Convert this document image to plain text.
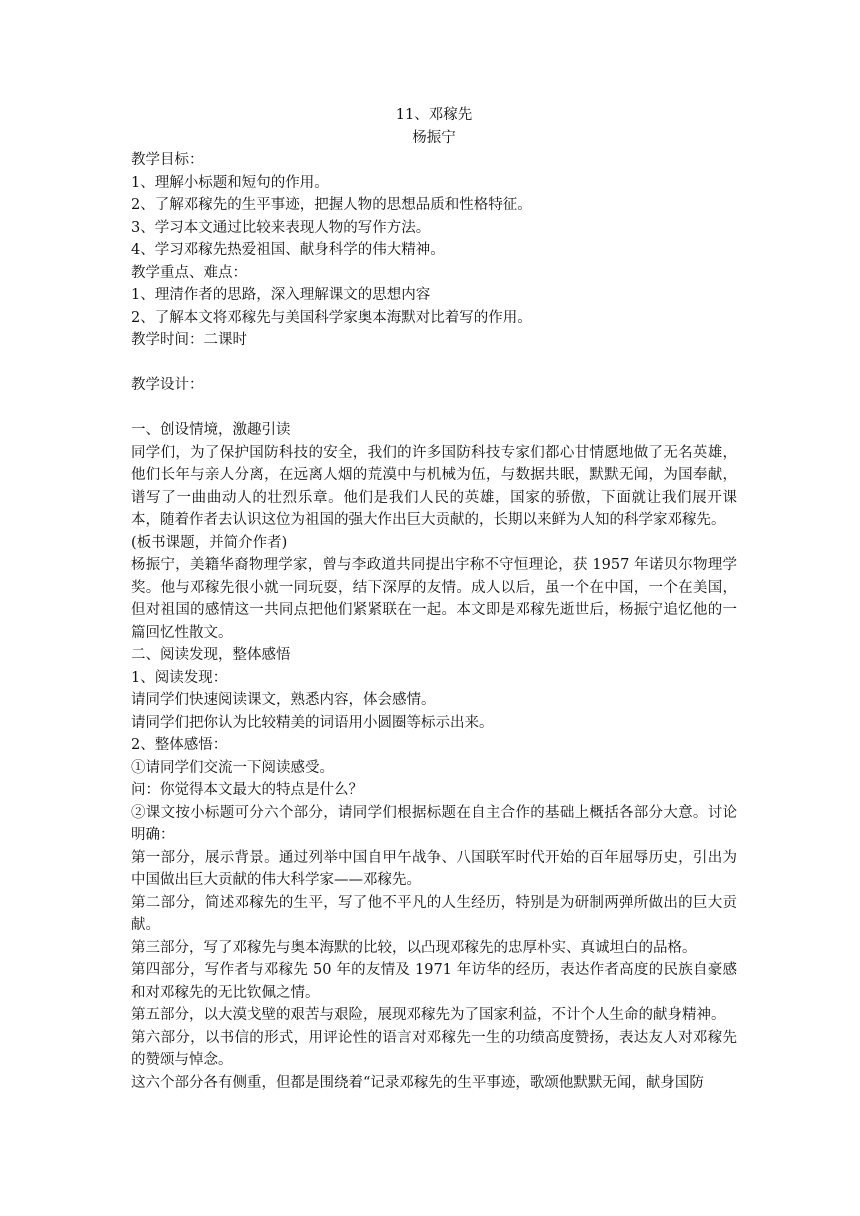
11、邓稼先
杨振宁
教学目标：
1、理解小标题和短句的作用。
2、了解邓稼先的生平事迹，把握人物的思想品质和性格特征。
3、学习本文通过比较来表现人物的写作方法。
4、学习邓稼先热爱祖国、献身科学的伟大精神。
教学重点、难点：
1、理清作者的思路，深入理解课文的思想内容
2、了解本文将邓稼先与美国科学家奥本海默对比着写的作用。
教学时间：二课时
教学设计：
一、创设情境，激趣引读
同学们，为了保护国防科技的安全，我们的许多国防科技专家们都心甘情愿地做了无名英雄，他们长年与亲人分离，在远离人烟的荒漠中与机械为伍，与数据共眠，默默无闻，为国奉献，谱写了一曲曲动人的壮烈乐章。他们是我们人民的英雄，国家的骄傲，下面就让我们展开课本，随着作者去认识这位为祖国的强大作出巨大贡献的，长期以来鲜为人知的科学家邓稼先。
(板书课题，并简介作者)
杨振宁，美籍华裔物理学家，曾与李政道共同提出宇称不守恒理论，获 1957 年诺贝尔物理学奖。他与邓稼先很小就一同玩耍，结下深厚的友情。成人以后，虽一个在中国，一个在美国，但对祖国的感情这一共同点把他们紧紧联在一起。本文即是邓稼先逝世后，杨振宁追忆他的一篇回忆性散文。
二、阅读发现，整体感悟
1、阅读发现：
请同学们快速阅读课文，熟悉内容，体会感情。
请同学们把你认为比较精美的词语用小圆圈等标示出来。
2、整体感悟：
①请同学们交流一下阅读感受。
问：你觉得本文最大的特点是什么？
②课文按小标题可分六个部分，请同学们根据标题在自主合作的基础上概括各部分大意。讨论明确：
第一部分，展示背景。通过列举中国自甲午战争、八国联军时代开始的百年屈辱历史，引出为中国做出巨大贡献的伟大科学家——邓稼先。
第二部分，简述邓稼先的生平，写了他不平凡的人生经历，特别是为研制两弹所做出的巨大贡献。
第三部分，写了邓稼先与奥本海默的比较，以凸现邓稼先的忠厚朴实、真诚坦白的品格。
第四部分，写作者与邓稼先 50 年的友情及 1971 年访华的经历，表达作者高度的民族自豪感和对邓稼先的无比钦佩之情。
第五部分，以大漠戈壁的艰苦与艰险，展现邓稼先为了国家利益，不计个人生命的献身精神。
第六部分，以书信的形式，用评论性的语言对邓稼先一生的功绩高度赞扬，表达友人对邓稼先的赞颂与悼念。
这六个部分各有侧重，但都是围绕着“记录邓稼先的生平事迹，歌颂他默默无闻，献身国防
